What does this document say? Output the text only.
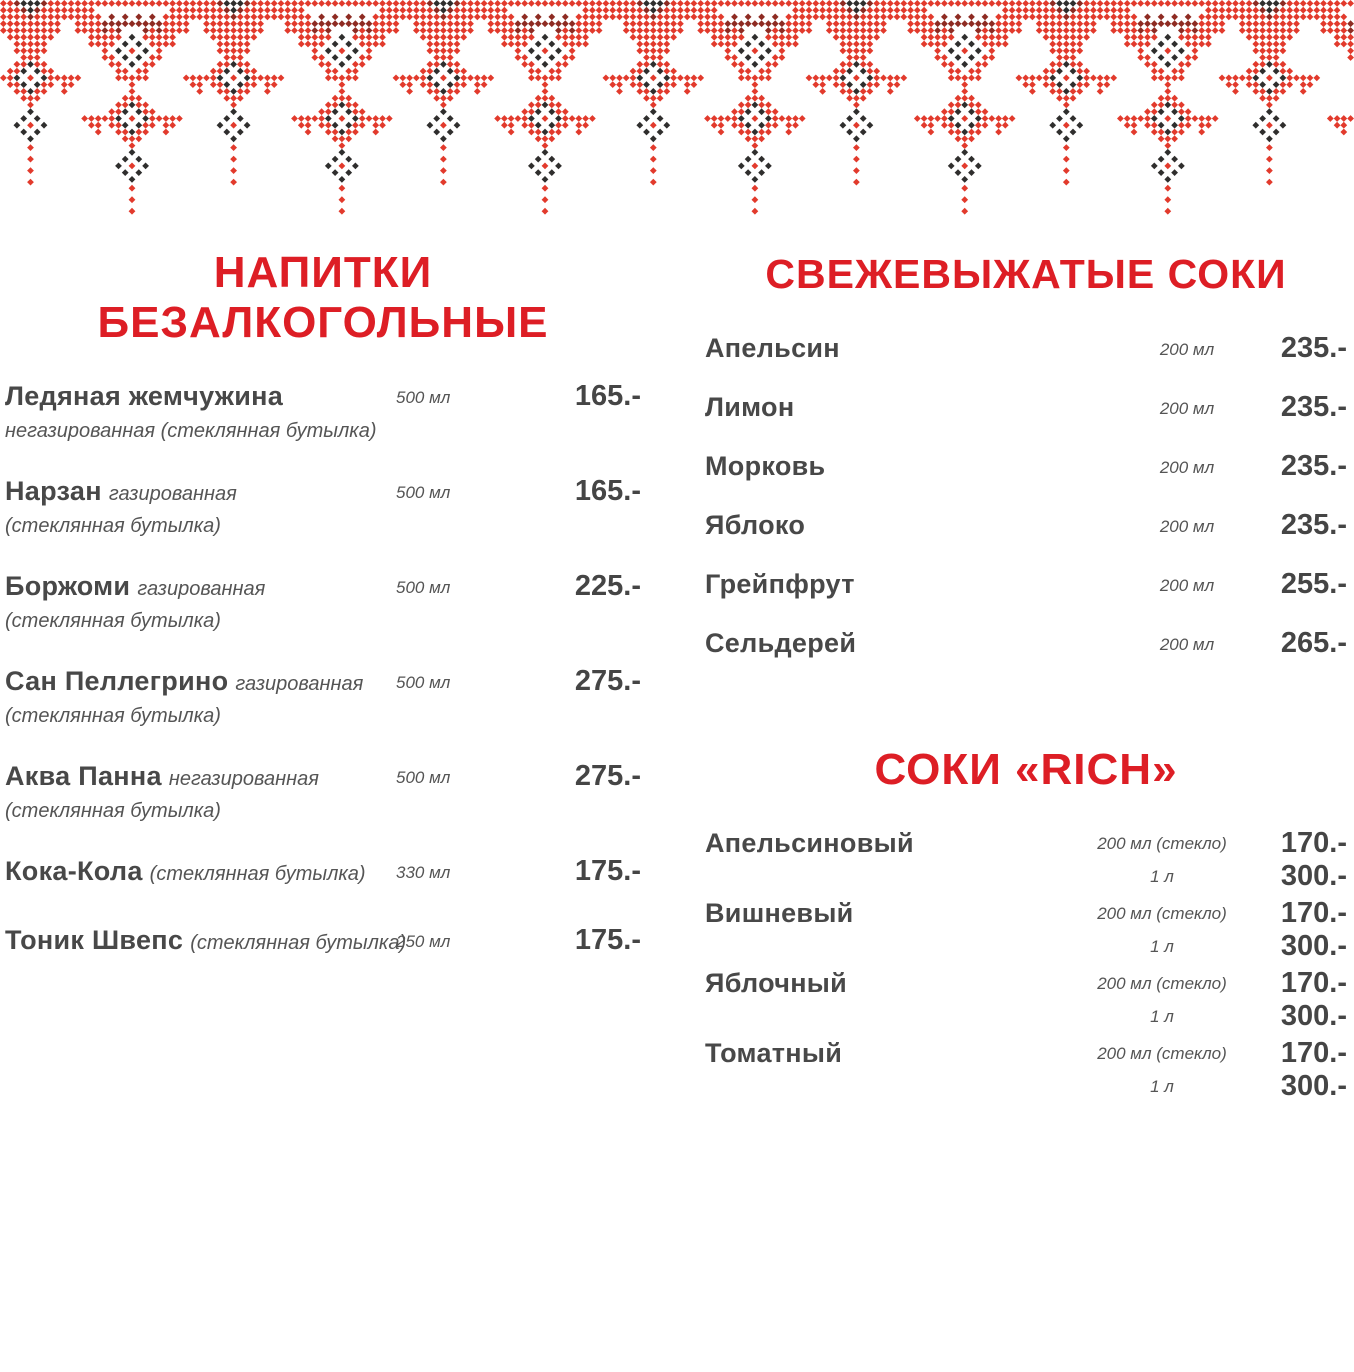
НАПИТКИ
БЕЗАЛКОГОЛЬНЫЕ
Ледяная жемчужина
негазированная (стеклянная бутылка)
500 мл	165.-
Нарзан газированная
(стеклянная бутылка)
500 мл	165.-
Боржоми газированная
(стеклянная бутылка)
500 мл	225.-
Сан Пеллегрино газированная
(стеклянная бутылка)
500 мл	275.-
Аква Панна негазированная
(стеклянная бутылка)
500 мл	275.-
Кока-Кола (стеклянная бутылка)	330 мл	175.-
Тоник Швепс (стеклянная бутылка)
250 мл	175.-
СВЕЖЕВЫЖАТЫЕ СОКИ
Апельсин	200 мл	235.-
Лимон	200 мл	235.-
Морковь	200 мл	235.-
Яблоко	200 мл	235.-
Грейпфрут	200 мл	255.-
Сельдерей	200 мл	265.-
СОКИ «RICH»
Апельсиновый	200 мл (стекло)	170.-
1 л	300.-
Вишневый	200 мл (стекло)	170.-
1 л	300.-
Яблочный	200 мл (стекло)	170.-
1 л	300.-
Томатный	200 мл (стекло)	170.-
1 л	300.-
